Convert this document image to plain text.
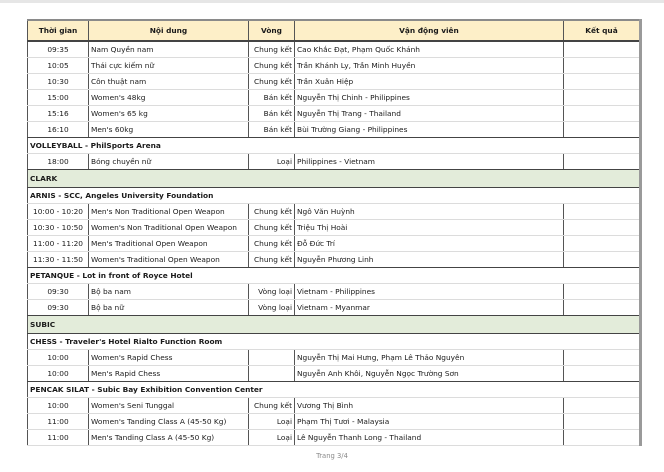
Thời gian	Nội dung	Vòng	Vận động viên	Kết quả
09:35	Nam Quyền nam	Chung kết	Cao Khắc Đạt, Phạm Quốc Khánh	
10:05	Thái cực kiếm nữ	Chung kết	Trần Khánh Ly, Trần Minh Huyền	
10:30	Côn thuật nam	Chung kết	Trần Xuân Hiệp	
15:00	Women's 48kg	Bán kết	Nguyễn Thị Chinh - Philippines	
15:16	Women's 65 kg	Bán kết	Nguyễn Thị Trang - Thailand	
16:10	Men's 60kg	Bán kết	Bùi Trường Giang - Philippines	
VOLLEYBALL - PhilSports Arena				
18:00	Bóng chuyền nữ	Loại	Philippines - Vietnam	
CLARK				
ARNIS - SCC, Angeles University Foundation				
10:00 - 10:20	Men's Non Traditional Open Weapon	Chung kết	Ngô Văn Huỳnh	
10:30 - 10:50	Women's Non Traditional Open Weapon	Chung kết	Triệu Thị Hoài	
11:00 - 11:20	Men's Traditional Open Weapon	Chung kết	Đỗ Đức Trí	
11:30 - 11:50	Women's Traditional Open Weapon	Chung kết	Nguyễn Phương Linh	
PETANQUE - Lot in front of Royce Hotel				
09:30	Bộ ba nam	Vòng loại	Vietnam - Philippines	
09:30	Bộ ba nữ	Vòng loại	Vietnam - Myanmar	
SUBIC				
CHESS - Traveler's Hotel Rialto Function Room				
10:00	Women's Rapid Chess		Nguyễn Thị Mai Hưng, Phạm Lê Thảo Nguyên	
10:00	Men's Rapid Chess		Nguyễn Anh Khôi, Nguyễn Ngọc Trường Sơn	
PENCAK SILAT - Subic Bay Exhibition Convention Center				
10:00	Women's Seni Tunggal	Chung kết	Vương Thị Bình	
11:00	Women's Tanding Class A (45-50 Kg)	Loại	Phạm Thị Tươi - Malaysia	
11:00	Men's Tanding Class A (45-50 Kg)	Loại	Lê Nguyễn Thanh Long - Thailand	
Trang 3/4
